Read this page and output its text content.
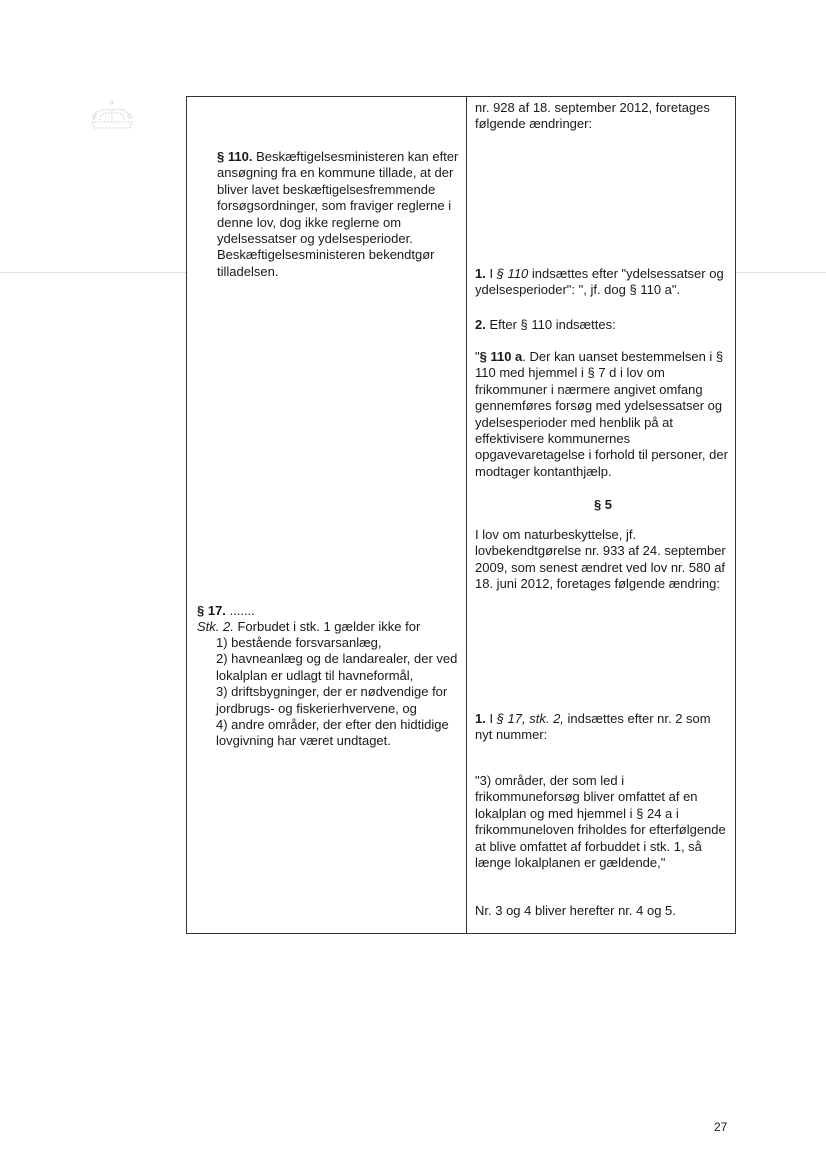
§ 110. Beskæftigelsesministeren kan efter ansøgning fra en kommune tillade, at der bliver lavet beskæftigelsesfremmende forsøgsordninger, som fraviger reglerne i denne lov, dog ikke reglerne om ydelsessatser og ydelsesperioder. Beskæftigelsesministeren bekendtgør tilladelsen.

§ 17. .......

Stk. 2. Forbudet i stk. 1 gælder ikke for

1) bestående forsvarsanlæg,
2) havneanlæg og de landarealer, der ved lokalplan er udlagt til havneformål,
3) driftsbygninger, der er nødvendige for jordbrugs- og fiskerierhvervene, og
4) andre områder, der efter den hidtidige lovgivning har været undtaget.

nr. 928 af 18. september 2012, foretages følgende ændringer:

1. I § 110 indsættes efter "ydelsessatser og ydelsesperioder": ", jf. dog § 110 a".

2. Efter § 110 indsættes:

"§ 110 a. Der kan uanset bestemmelsen i § 110 med hjemmel i § 7 d i lov om frikommuner i nærmere angivet omfang gennemføres forsøg med ydelsessatser og ydelsesperioder med henblik på at effektivisere kommunernes opgavevaretagelse i forhold til personer, der modtager kontanthjælp.

§ 5

I lov om naturbeskyttelse, jf. lovbekendtgørelse nr. 933 af 24. september 2009, som senest ændret ved lov nr. 580 af 18. juni 2012, foretages følgende ændring:

1. I § 17, stk. 2, indsættes efter nr. 2 som nyt nummer:

"3) områder, der som led i frikommuneforsøg bliver omfattet af en lokalplan og med hjemmel i § 24 a i frikommuneloven friholdes for efterfølgende at blive omfattet af forbuddet i stk. 1, så længe lokalplanen er gældende,"

Nr. 3 og 4 bliver herefter nr. 4 og 5.

27
